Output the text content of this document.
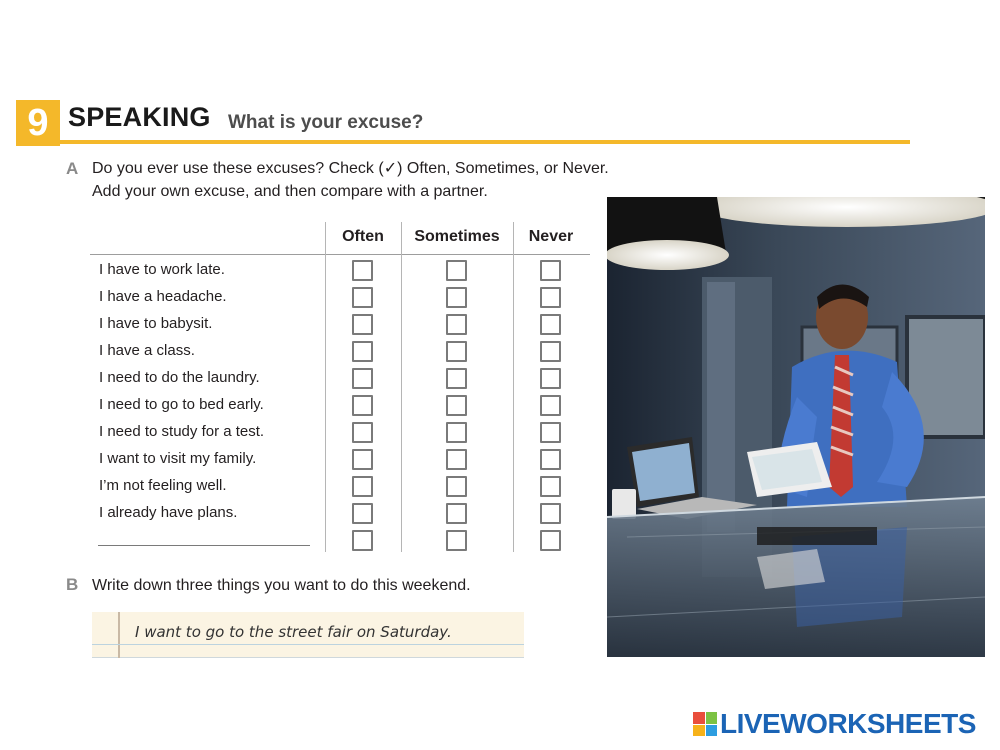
9 SPEAKING What is your excuse?
A Do you ever use these excuses? Check (✓) Often, Sometimes, or Never.
Add your own excuse, and then compare with a partner.
Often	Sometimes	Never
I have to work late.
I have a headache.
I have to babysit.
I have a class.
I need to do the laundry.
I need to go to bed early.
I need to study for a test.
I want to visit my family.
I’m not feeling well.
I already have plans.
B Write down three things you want to do this weekend.
I want to go to the street fair on Saturday.
LIVEWORKSHEETS
